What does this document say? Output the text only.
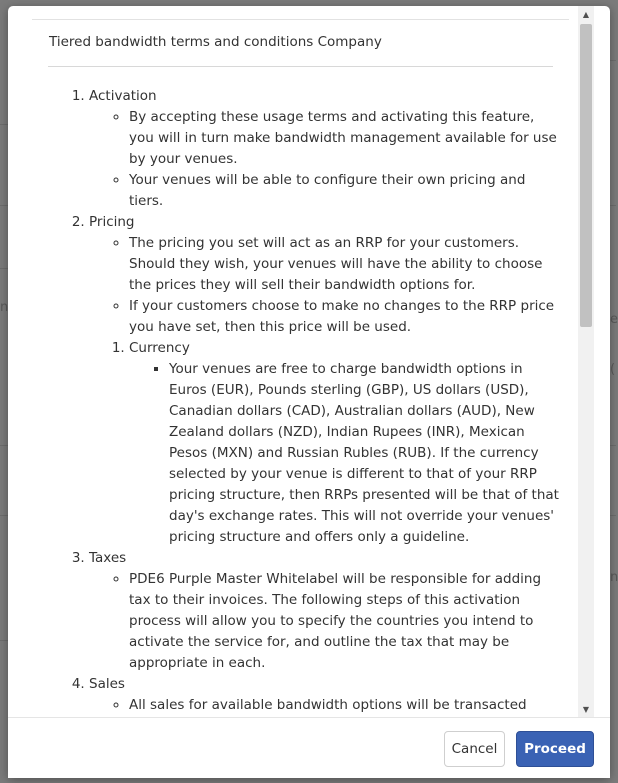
n
e
(
n
Tiered bandwidth terms and conditions Company
1. Activation
◦ By accepting these usage terms and activating this feature, you will in turn make bandwidth management available for use by your venues.
◦ Your venues will be able to configure their own pricing and tiers.
2. Pricing
◦ The pricing you set will act as an RRP for your customers. Should they wish, your venues will have the ability to choose the prices they will sell their bandwidth options for.
◦ If your customers choose to make no changes to the RRP price you have set, then this price will be used.
1. Currency
▪ Your venues are free to charge bandwidth options in Euros (EUR), Pounds sterling (GBP), US dollars (USD), Canadian dollars (CAD), Australian dollars (AUD), New Zealand dollars (NZD), Indian Rupees (INR), Mexican Pesos (MXN) and Russian Rubles (RUB). If the currency selected by your venue is different to that of your RRP pricing structure, then RRPs presented will be that of that day's exchange rates. This will not override your venues' pricing structure and offers only a guideline.
3. Taxes
◦ PDE6 Purple Master Whitelabel will be responsible for adding tax to their invoices. The following steps of this activation process will allow you to specify the countries you intend to activate the service for, and outline the tax that may be appropriate in each.
4. Sales
◦ All sales for available bandwidth options will be transacted
5.
▲
▼
Cancel	Proceed
